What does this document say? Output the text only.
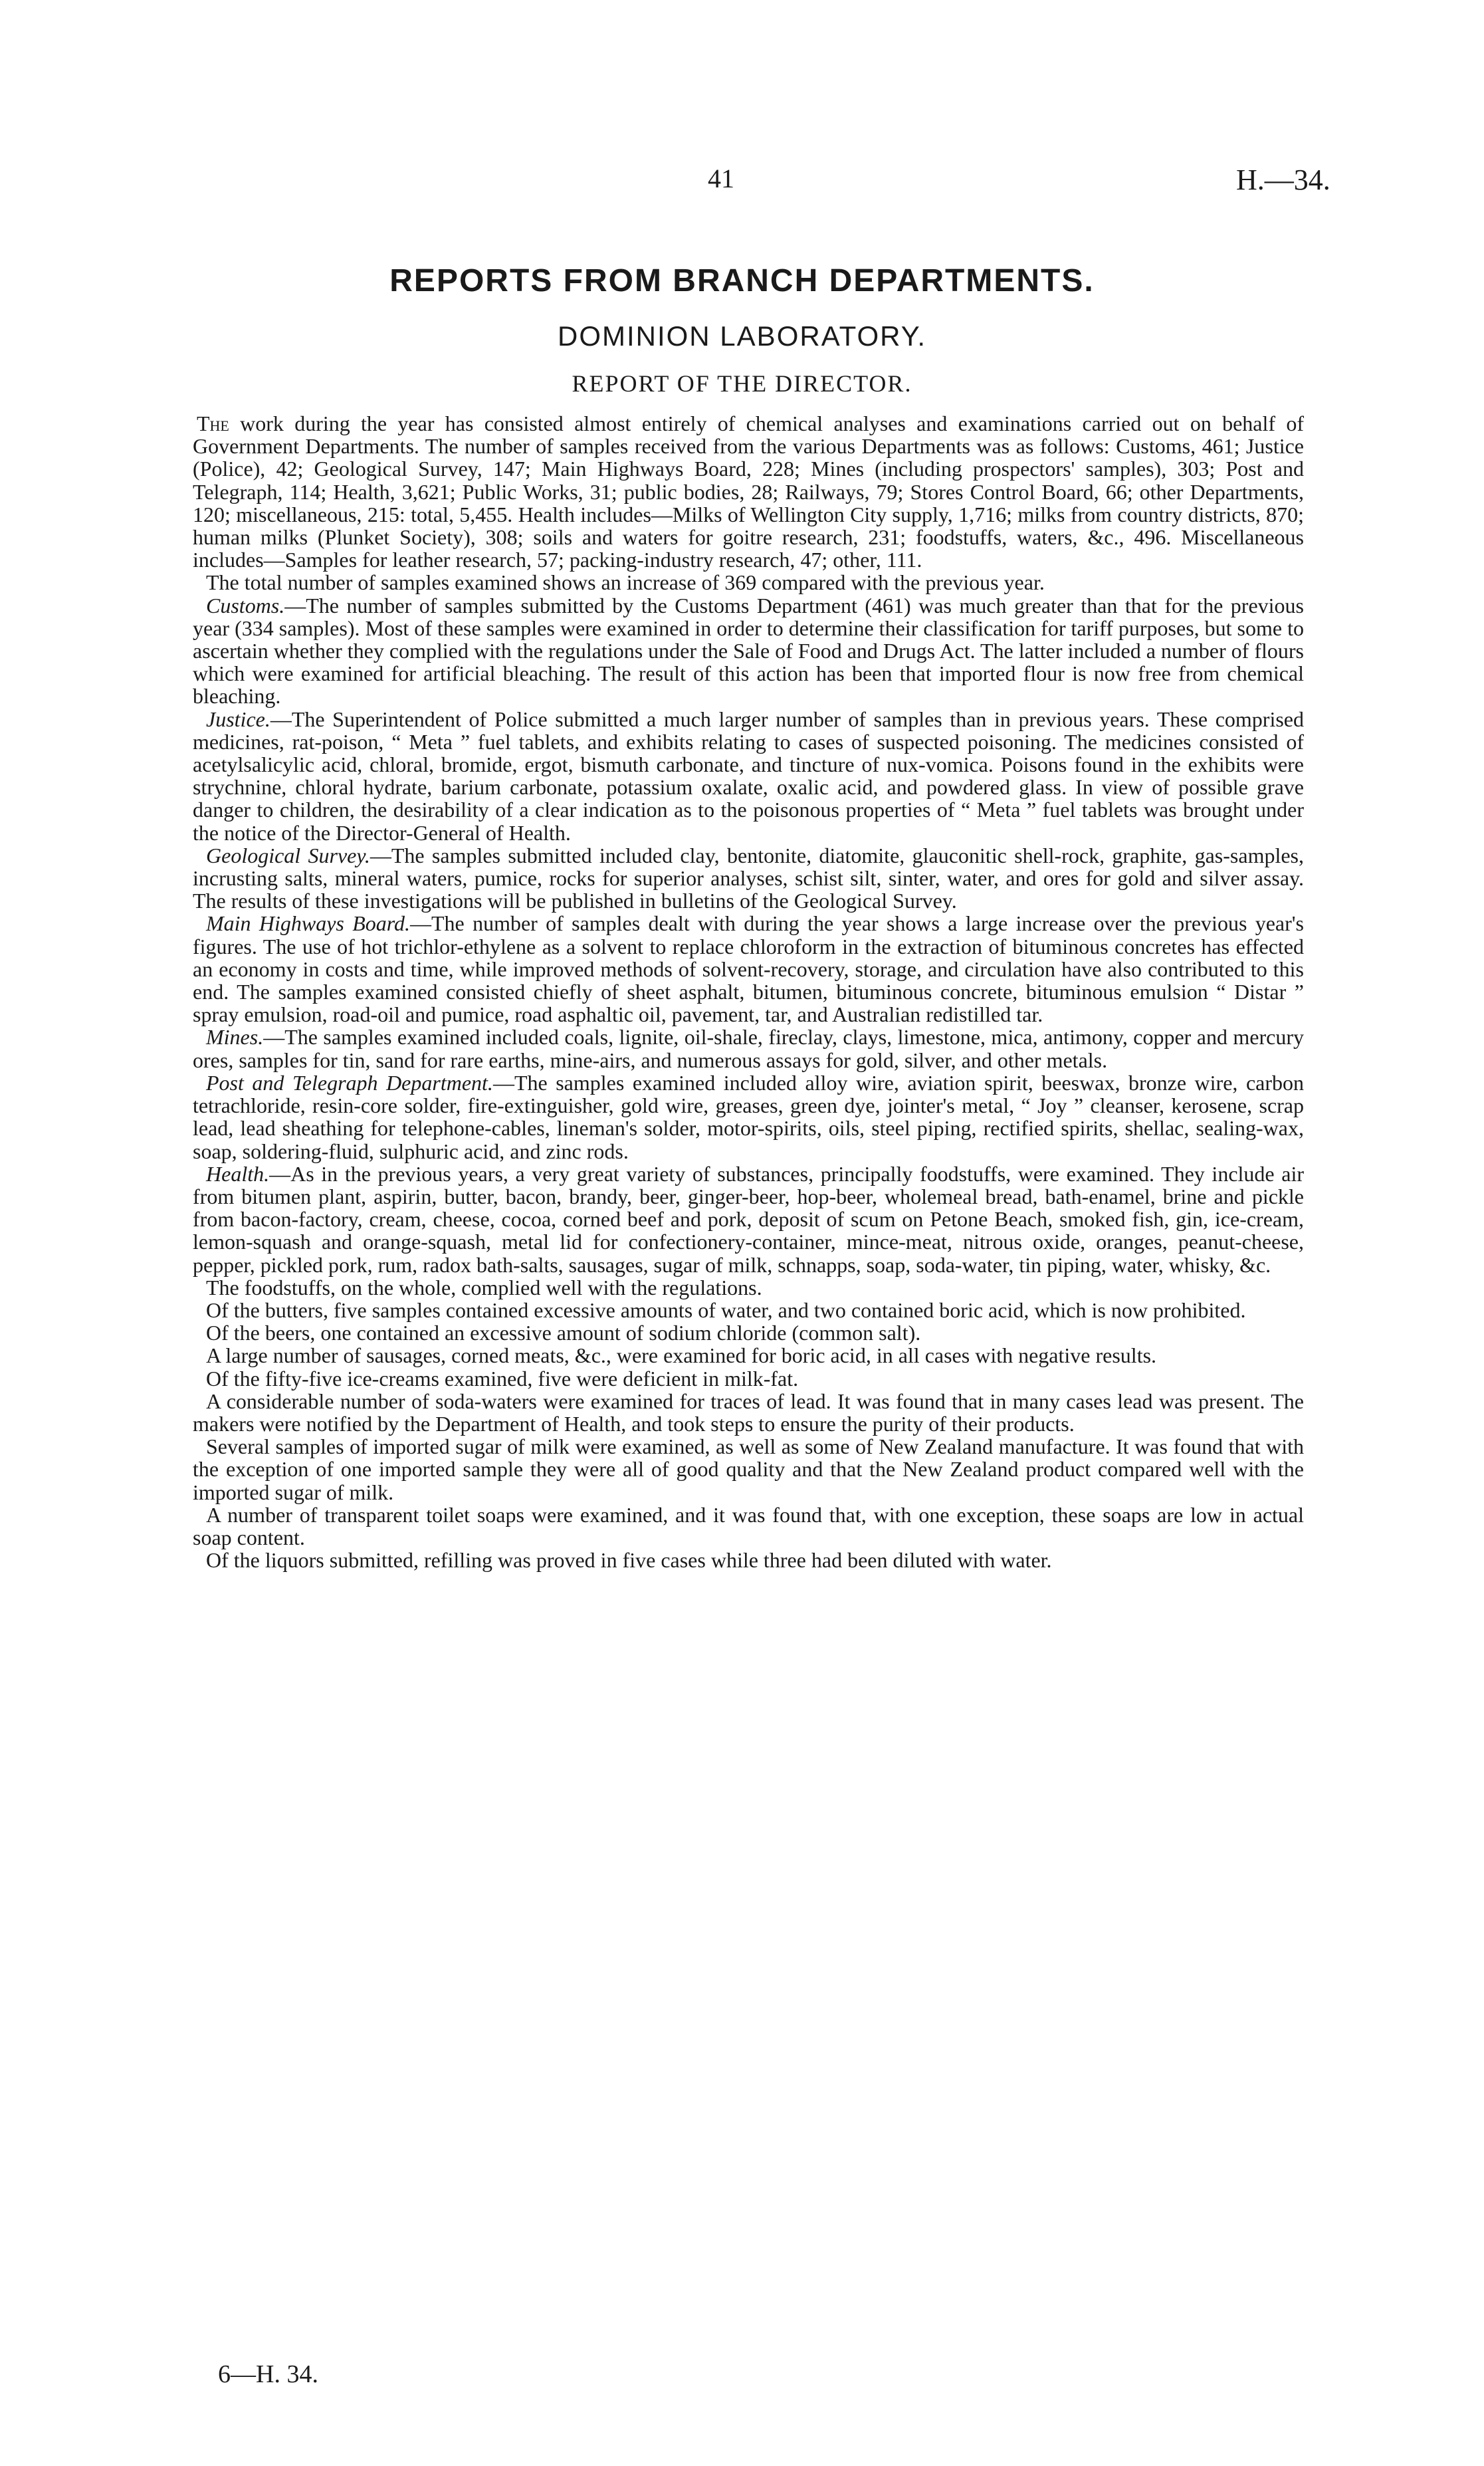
41	H.—34.
REPORTS FROM BRANCH DEPARTMENTS.
DOMINION LABORATORY.
REPORT OF THE DIRECTOR.

The work during the year has consisted almost entirely of chemical analyses and examinations carried out on behalf of Government Departments. The number of samples received from the various Departments was as follows: Customs, 461; Justice (Police), 42; Geological Survey, 147; Main Highways Board, 228; Mines (including prospectors' samples), 303; Post and Telegraph, 114; Health, 3,621; Public Works, 31; public bodies, 28; Railways, 79; Stores Control Board, 66; other Departments, 120; miscellaneous, 215: total, 5,455. Health includes—Milks of Wellington City supply, 1,716; milks from country districts, 870; human milks (Plunket Society), 308; soils and waters for goitre research, 231; foodstuffs, waters, &c., 496. Miscellaneous includes—Samples for leather research, 57; packing-industry research, 47; other, 111.

The total number of samples examined shows an increase of 369 compared with the previous year.

Customs.—The number of samples submitted by the Customs Department (461) was much greater than that for the previous year (334 samples). Most of these samples were examined in order to determine their classification for tariff purposes, but some to ascertain whether they complied with the regulations under the Sale of Food and Drugs Act. The latter included a number of flours which were examined for artificial bleaching. The result of this action has been that imported flour is now free from chemical bleaching.

Justice.—The Superintendent of Police submitted a much larger number of samples than in previous years. These comprised medicines, rat-poison, “ Meta ” fuel tablets, and exhibits relating to cases of suspected poisoning. The medicines consisted of acetylsalicylic acid, chloral, bromide, ergot, bismuth carbonate, and tincture of nux-vomica. Poisons found in the exhibits were strychnine, chloral hydrate, barium carbonate, potassium oxalate, oxalic acid, and powdered glass. In view of possible grave danger to children, the desirability of a clear indication as to the poisonous properties of “ Meta ” fuel tablets was brought under the notice of the Director-General of Health.

Geological Survey.—The samples submitted included clay, bentonite, diatomite, glauconitic shell-rock, graphite, gas-samples, incrusting salts, mineral waters, pumice, rocks for superior analyses, schist silt, sinter, water, and ores for gold and silver assay. The results of these investigations will be published in bulletins of the Geological Survey.

Main Highways Board.—The number of samples dealt with during the year shows a large increase over the previous year's figures. The use of hot trichlor-ethylene as a solvent to replace chloroform in the extraction of bituminous concretes has effected an economy in costs and time, while improved methods of solvent-recovery, storage, and circulation have also contributed to this end. The samples examined consisted chiefly of sheet asphalt, bitumen, bituminous concrete, bituminous emulsion “ Distar ” spray emulsion, road-oil and pumice, road asphaltic oil, pavement, tar, and Australian redistilled tar.

Mines.—The samples examined included coals, lignite, oil-shale, fireclay, clays, limestone, mica, antimony, copper and mercury ores, samples for tin, sand for rare earths, mine-airs, and numerous assays for gold, silver, and other metals.

Post and Telegraph Department.—The samples examined included alloy wire, aviation spirit, beeswax, bronze wire, carbon tetrachloride, resin-core solder, fire-extinguisher, gold wire, greases, green dye, jointer's metal, “ Joy ” cleanser, kerosene, scrap lead, lead sheathing for telephone-cables, lineman's solder, motor-spirits, oils, steel piping, rectified spirits, shellac, sealing-wax, soap, soldering-fluid, sulphuric acid, and zinc rods.

Health.—As in the previous years, a very great variety of substances, principally foodstuffs, were examined. They include air from bitumen plant, aspirin, butter, bacon, brandy, beer, ginger-beer, hop-beer, wholemeal bread, bath-enamel, brine and pickle from bacon-factory, cream, cheese, cocoa, corned beef and pork, deposit of scum on Petone Beach, smoked fish, gin, ice-cream, lemon-squash and orange-squash, metal lid for confectionery-container, mince-meat, nitrous oxide, oranges, peanut-cheese, pepper, pickled pork, rum, radox bath-salts, sausages, sugar of milk, schnapps, soap, soda-water, tin piping, water, whisky, &c.

The foodstuffs, on the whole, complied well with the regulations.

Of the butters, five samples contained excessive amounts of water, and two contained boric acid, which is now prohibited.

Of the beers, one contained an excessive amount of sodium chloride (common salt).

A large number of sausages, corned meats, &c., were examined for boric acid, in all cases with negative results.

Of the fifty-five ice-creams examined, five were deficient in milk-fat.

A considerable number of soda-waters were examined for traces of lead. It was found that in many cases lead was present. The makers were notified by the Department of Health, and took steps to ensure the purity of their products.

Several samples of imported sugar of milk were examined, as well as some of New Zealand manufacture. It was found that with the exception of one imported sample they were all of good quality and that the New Zealand product compared well with the imported sugar of milk.

A number of transparent toilet soaps were examined, and it was found that, with one exception, these soaps are low in actual soap content.

Of the liquors submitted, refilling was proved in five cases while three had been diluted with water.

6—H. 34.
